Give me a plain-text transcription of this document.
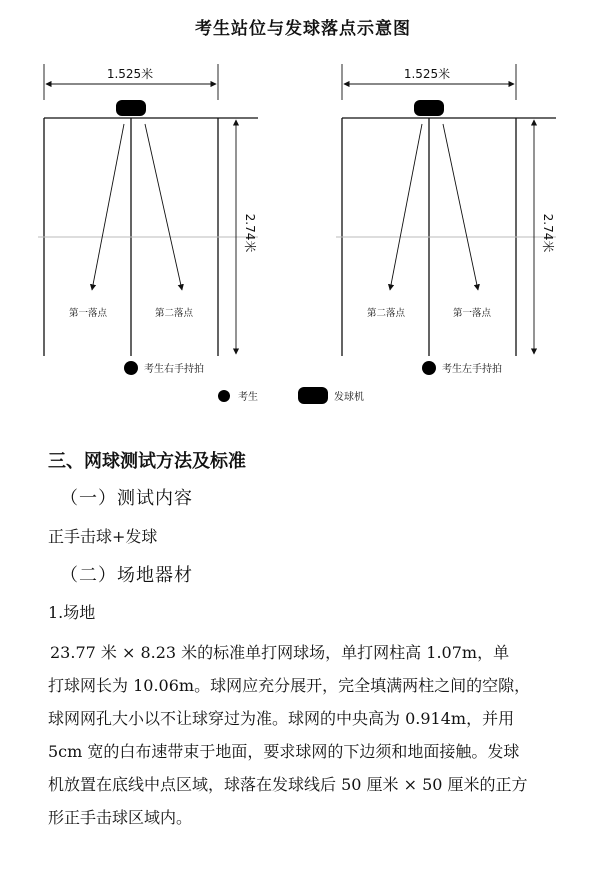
考生站位与发球落点示意图
1.525米
2.74米
第一落点	第二落点
考生右手持拍
1.525米
2.74米
第二落点	第一落点
考生左手持拍
考生	发球机
三、网球测试方法及标准
（一）测试内容
正手击球+发球
（二）场地器材
1.场地
23.77 米 × 8.23 米的标准单打网球场，单打网柱高 1.07m，单
打球网长为 10.06m。球网应充分展开，完全填满两柱之间的空隙，
球网网孔大小以不让球穿过为准。球网的中央高为 0.914m，并用
5cm 宽的白布速带束于地面，要求球网的下边须和地面接触。发球
机放置在底线中点区域，球落在发球线后 50 厘米 × 50 厘米的正方
形正手击球区域内。
